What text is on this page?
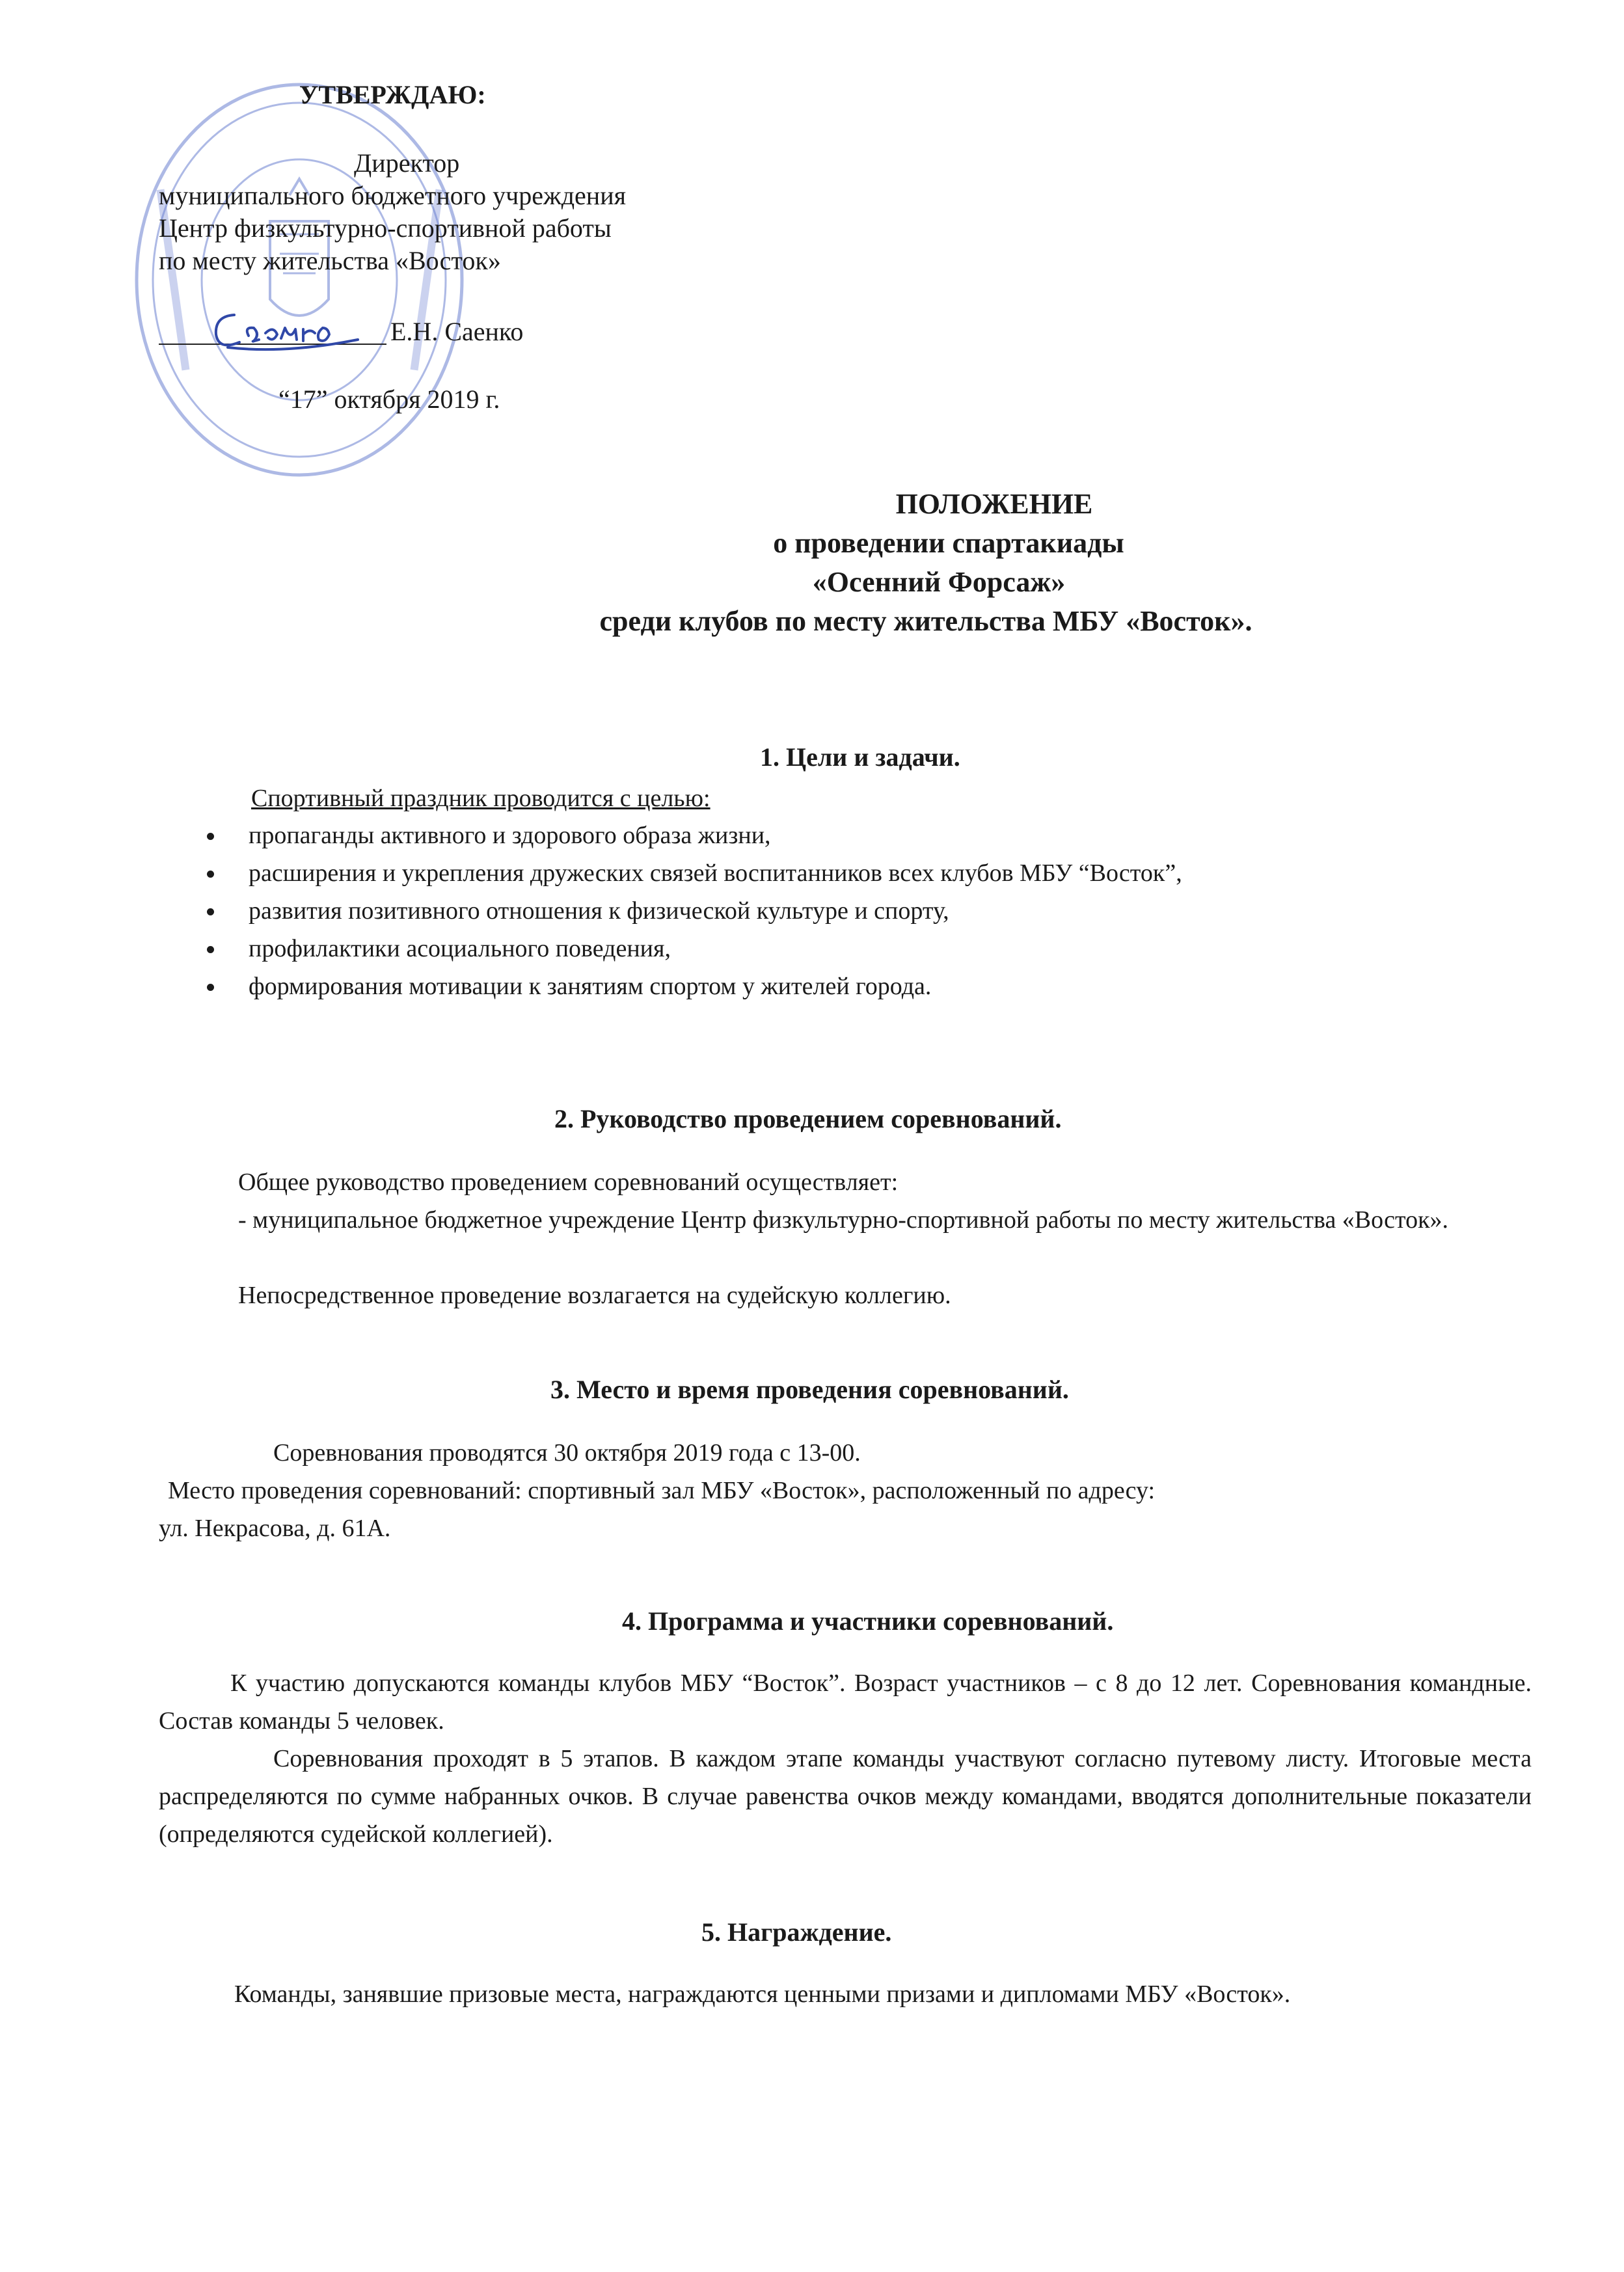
УТВЕРЖДАЮ:
Директор
муниципального бюджетного учреждения
Центр физкультурно-спортивной работы
по месту жительства «Восток»
Е.Н. Саенко
“17” октября 2019 г.
ПОЛОЖЕНИЕ
о проведении спартакиады
«Осенний Форсаж»
среди клубов по месту жительства МБУ «Восток».
1. Цели и задачи.
Спортивный праздник проводится с целью:
пропаганды активного и здорового образа жизни,
расширения и укрепления дружеских связей воспитанников всех клубов МБУ “Восток”,
развития позитивного отношения к физической культуре и спорту,
профилактики асоциального поведения,
формирования мотивации к занятиям спортом у жителей города.
2. Руководство проведением соревнований.
Общее руководство проведением соревнований осуществляет:
- муниципальное бюджетное учреждение Центр физкультурно-спортивной работы по месту жительства «Восток».
Непосредственное проведение возлагается на судейскую коллегию.
3. Место и время проведения соревнований.
Соревнования проводятся 30 октября 2019 года с 13-00.
Место проведения соревнований: спортивный зал МБУ «Восток», расположенный по адресу:
ул. Некрасова, д. 61А.
4. Программа и участники соревнований.
К участию допускаются команды клубов МБУ “Восток”. Возраст участников – с 8 до 12 лет. Соревнования командные. Состав команды 5 человек.
Соревнования проходят в 5 этапов. В каждом этапе команды участвуют согласно путевому листу. Итоговые места распределяются по сумме набранных очков. В случае равенства очков между командами, вводятся дополнительные показатели (определяются судейской коллегией).
5. Награждение.
Команды, занявшие призовые места, награждаются ценными призами и дипломами МБУ «Восток».
